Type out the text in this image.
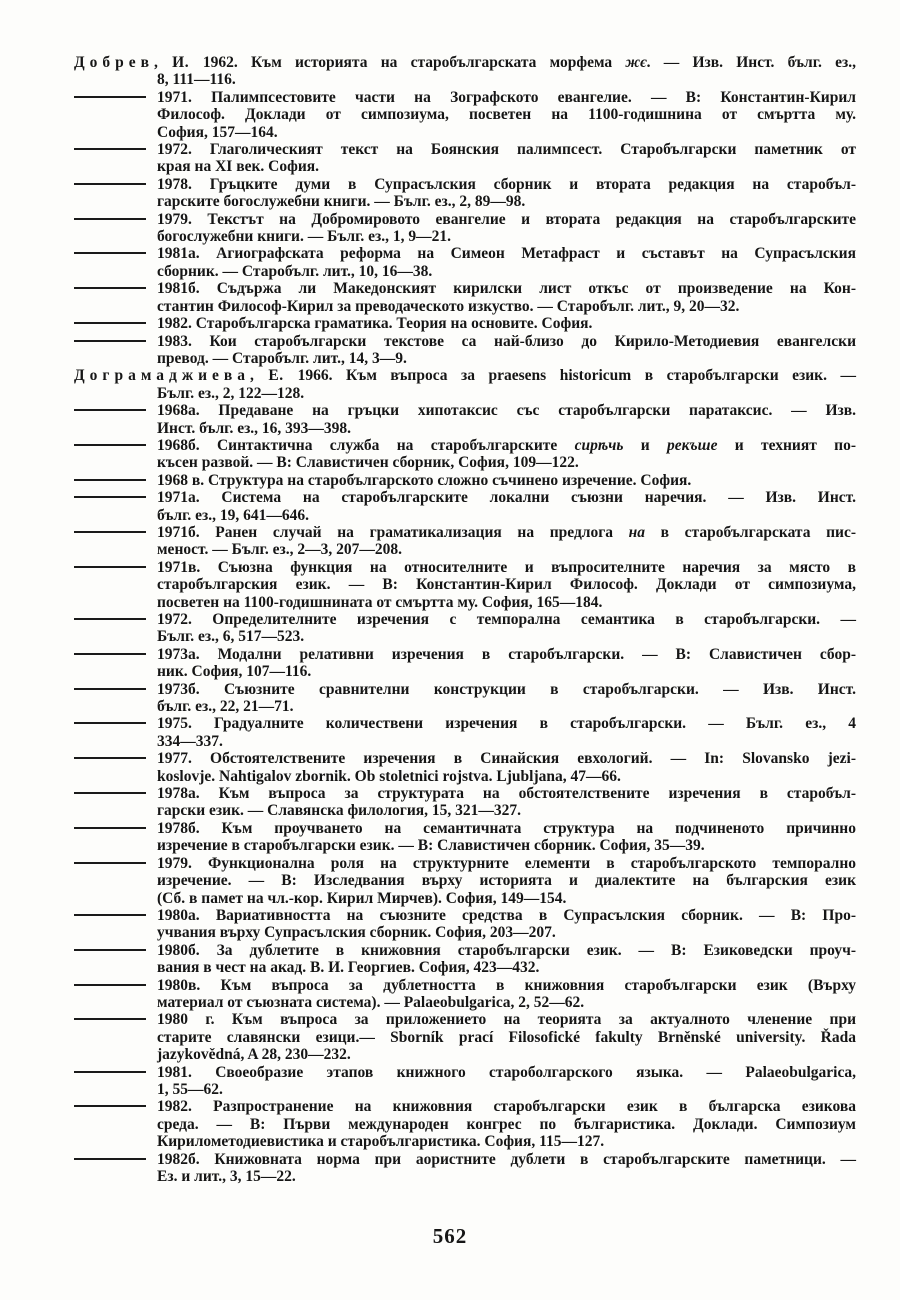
Добрев, И. 1962. Към историята на старобългарската морфема жє. — Изв. Инст. бълг. ез.,
8, 111—116.
1971. Палимпсестовите части на Зографското евангелие. — В: Константин-Кирил
Философ. Доклади от симпозиума, посветен на 1100-годишнина от смъртта му.
София, 157—164.
1972. Глаголическият текст на Боянския палимпсест. Старобългарски паметник от
края на XI век. София.
1978. Гръцките думи в Супрасълския сборник и втората редакция на старобъл-
гарските богослужебни книги. — Бълг. ез., 2, 89—98.
1979. Текстът на Добромировото евангелие и втората редакция на старобългарските
богослужебни книги. — Бълг. ез., 1, 9—21.
1981а. Агиографската реформа на Симеон Метафраст и съставът на Супрасълския
сборник. — Старобълг. лит., 10, 16—38.
1981б. Съдържа ли Македонският кирилски лист откъс от произведение на Кон-
стантин Философ-Кирил за преводаческото изкуство. — Старобълг. лит., 9, 20—32.
1982. Старобългарска граматика. Теория на основите. София.
1983. Кои старобългарски текстове са най-близо до Кирило-Методиевия евангелски
превод. — Старобълг. лит., 14, 3—9.
Дограмаджиева, Е. 1966. Към въпроса за praesens historicum в старобългарски език. —
Бълг. ез., 2, 122—128.
1968а. Предаване на гръцки хипотаксис със старобългарски паратаксис. — Изв.
Инст. бълг. ез., 16, 393—398.
1968б. Синтактична служба на старобългарските сирѣчь и рекъше и техният по-
късен развой. — В: Славистичен сборник, София, 109—122.
1968 в. Структура на старобългарското сложно съчинено изречение. София.
1971а. Система на старобългарските локални съюзни наречия. — Изв. Инст.
бълг. ез., 19, 641—646.
1971б. Ранен случай на граматикализация на предлога на в старобългарската пис-
меност. — Бълг. ез., 2—3, 207—208.
1971в. Съюзна функция на относителните и въпросителните наречия за място в
старобългарския език. — В: Константин-Кирил Философ. Доклади от симпозиума,
посветен на 1100-годишнината от смъртта му. София, 165—184.
1972. Определителните изречения с темпорална семантика в старобългарски. —
Бълг. ез., 6, 517—523.
1973а. Модални релативни изречения в старобългарски. — В: Славистичен сбор-
ник. София, 107—116.
1973б. Съюзните сравнителни конструкции в старобългарски. — Изв. Инст.
бълг. ез., 22, 21—71.
1975. Градуалните количествени изречения в старобългарски. — Бълг. ез., 4
334—337.
1977. Обстоятелствените изречения в Синайския евхологий. — In: Slovansko jezi-
koslovje. Nahtigalov zbornik. Ob stoletnici rojstva. Ljubljana, 47—66.
1978а. Към въпроса за структурата на обстоятелствените изречения в старобъл-
гарски език. — Славянска филология, 15, 321—327.
1978б. Към проучването на семантичната структура на подчиненото причинно
изречение в старобългарски език. — В: Славистичен сборник. София, 35—39.
1979. Функционална роля на структурните елементи в старобългарското темпорално
изречение. — В: Изследвания върху историята и диалектите на българския език
(Сб. в памет на чл.-кор. Кирил Мирчев). София, 149—154.
1980а. Вариативността на съюзните средства в Супрасълския сборник. — В: Про-
учвания върху Супрасълския сборник. София, 203—207.
1980б. За дублетите в книжовния старобългарски език. — В: Езиковедски проуч-
вания в чест на акад. В. И. Георгиев. София, 423—432.
1980в. Към въпроса за дублетността в книжовния старобългарски език (Върху
материал от съюзната система). — Palaeobulgarica, 2, 52—62.
1980 г. Към въпроса за приложението на теорията за актуалното членение при
старите славянски езици.— Sborník prací Filosofické fakulty Brněnské university. Řada
jazykovědná, A 28, 230—232.
1981. Своеобразие этапов книжного староболгарского языка. — Palaeobulgarica,
1, 55—62.
1982. Разпространение на книжовния старобългарски език в българска езикова
среда. — В: Първи международен конгрес по българистика. Доклади. Симпозиум
Кирилометодиевистика и старобългаристика. София, 115—127.
1982б. Книжовната норма при аористните дублети в старобългарските паметници. —
Ез. и лит., 3, 15—22.
562
